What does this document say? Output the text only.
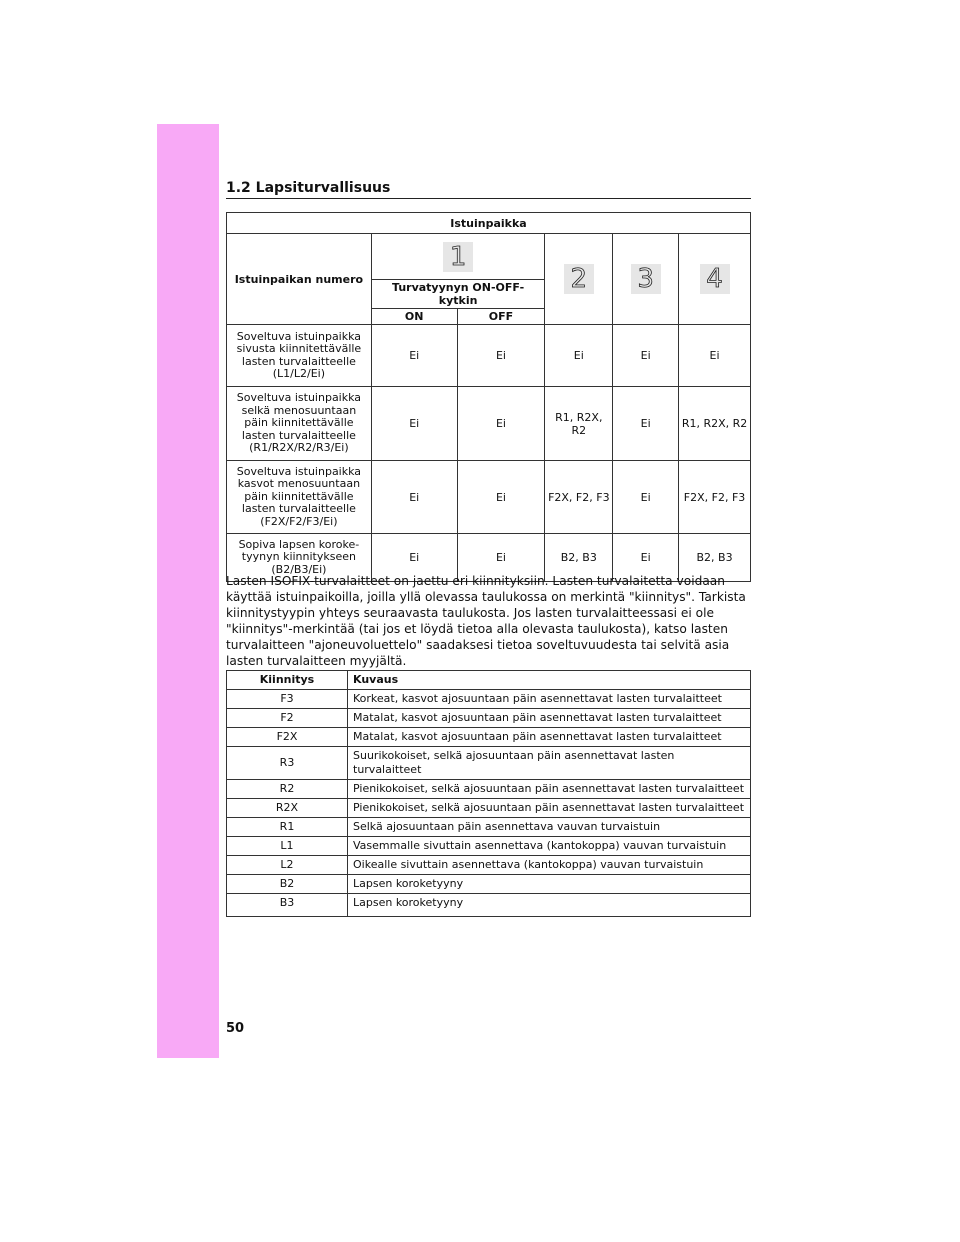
1.2 Lapsiturvallisuus
Istuinpaikka					
Istuinpaikan numero	1		2	3	4
	Turvatyynyn ON-OFF-kytkin				
	ON	OFF			
Soveltuva istuinpaikka sivusta kiinnitettävälle lasten turvalaitteelle (L1/L2/Ei)	Ei	Ei	Ei	Ei	Ei
Soveltuva istuinpaikka selkä menosuuntaan päin kiinnitettävälle lasten turvalaitteelle (R1/R2X/R2/R3/Ei)	Ei	Ei	R1, R2X, R2	Ei	R1, R2X, R2
Soveltuva istuinpaikka kasvot menosuuntaan päin kiinnitettävälle lasten turvalaitteelle (F2X/F2/F3/Ei)	Ei	Ei	F2X, F2, F3	Ei	F2X, F2, F3
Sopiva lapsen koroke-tyynyn kiinnitykseen (B2/B3/Ei)	Ei	Ei	B2, B3	Ei	B2, B3

Lasten ISOFIX-turvalaitteet on jaettu eri kiinnityksiin. Lasten turvalaitetta voidaan käyttää istuinpaikoilla, joilla yllä olevassa taulukossa on merkintä "kiinnitys". Tarkista kiinnitystyypin yhteys seuraavasta taulukosta. Jos lasten turvalaitteessasi ei ole "kiinnitys"-merkintää (tai jos et löydä tietoa alla olevasta taulukosta), katso lasten turvalaitteen "ajoneuvoluettelo" saadaksesi tietoa soveltuvuudesta tai selvitä asia lasten turvalaitteen myyjältä.

Kiinnitys	Kuvaus
F3	Korkeat, kasvot ajosuuntaan päin asennettavat lasten turvalaitteet
F2	Matalat, kasvot ajosuuntaan päin asennettavat lasten turvalaitteet
F2X	Matalat, kasvot ajosuuntaan päin asennettavat lasten turvalaitteet
R3	Suurikokoiset, selkä ajosuuntaan päin asennettavat lasten turvalaitteet
R2	Pienikokoiset, selkä ajosuuntaan päin asennettavat lasten turvalaitteet
R2X	Pienikokoiset, selkä ajosuuntaan päin asennettavat lasten turvalaitteet
R1	Selkä ajosuuntaan päin asennettava vauvan turvaistuin
L1	Vasemmalle sivuttain asennettava (kantokoppa) vauvan turvaistuin
L2	Oikealle sivuttain asennettava (kantokoppa) vauvan turvaistuin
B2	Lapsen koroketyyny
B3	Lapsen koroketyyny
50
